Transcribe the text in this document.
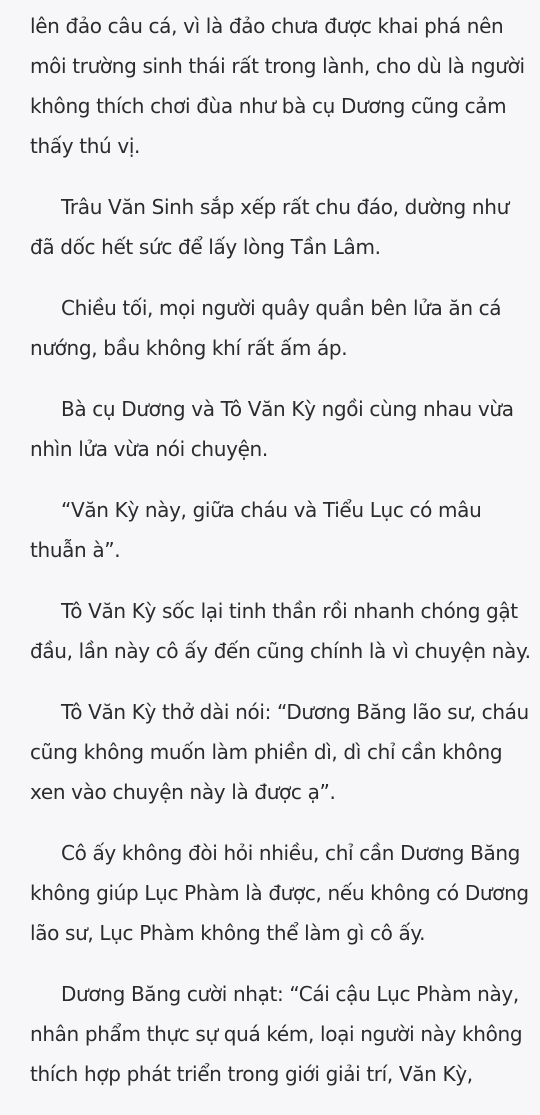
lên đảo câu cá, vì là đảo chưa được khai phá nên
môi trường sinh thái rất trong lành, cho dù là người
không thích chơi đùa như bà cụ Dương cũng cảm
thấy thú vị.

Trâu Văn Sinh sắp xếp rất chu đáo, dường như
đã dốc hết sức để lấy lòng Tần Lâm.

Chiều tối, mọi người quây quần bên lửa ăn cá
nướng, bầu không khí rất ấm áp.

Bà cụ Dương và Tô Văn Kỳ ngồi cùng nhau vừa
nhìn lửa vừa nói chuyện.

“Văn Kỳ này, giữa cháu và Tiểu Lục có mâu
thuẫn à”.

Tô Văn Kỳ sốc lại tinh thần rồi nhanh chóng gật
đầu, lần này cô ấy đến cũng chính là vì chuyện này.

Tô Văn Kỳ thở dài nói: “Dương Băng lão sư, cháu
cũng không muốn làm phiền dì, dì chỉ cần không
xen vào chuyện này là được ạ”.

Cô ấy không đòi hỏi nhiều, chỉ cần Dương Băng
không giúp Lục Phàm là được, nếu không có Dương
lão sư, Lục Phàm không thể làm gì cô ấy.

Dương Băng cười nhạt: “Cái cậu Lục Phàm này,
nhân phẩm thực sự quá kém, loại người này không
thích hợp phát triển trong giới giải trí, Văn Kỳ,
